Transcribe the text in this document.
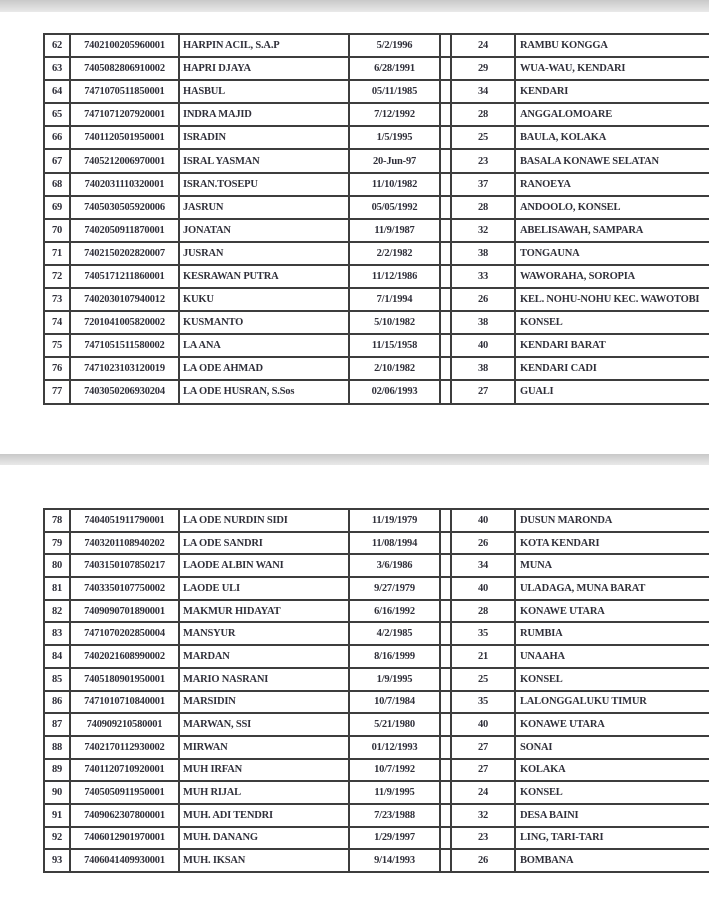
62	7402100205960001	HARPIN ACIL, S.A.P	5/2/1996		24	RAMBU KONGGA
63	7405082806910002	HAPRI DJAYA	6/28/1991		29	WUA-WAU, KENDARI
64	7471070511850001	HASBUL	05/11/1985		34	KENDARI
65	7471071207920001	INDRA MAJID	7/12/1992		28	ANGGALOMOARE
66	7401120501950001	ISRADIN	1/5/1995		25	BAULA, KOLAKA
67	7405212006970001	ISRAL YASMAN	20-Jun-97		23	BASALA KONAWE SELATAN
68	7402031110320001	ISRAN.TOSEPU	11/10/1982		37	RANOEYA
69	7405030505920006	JASRUN	05/05/1992		28	ANDOOLO, KONSEL
70	7402050911870001	JONATAN	11/9/1987		32	ABELISAWAH, SAMPARA
71	7402150202820007	JUSRAN	2/2/1982		38	TONGAUNA
72	7405171211860001	KESRAWAN PUTRA	11/12/1986		33	WAWORAHA, SOROPIA
73	7402030107940012	KUKU	7/1/1994		26	KEL. NOHU-NOHU KEC. WAWOTOBI
74	7201041005820002	KUSMANTO	5/10/1982		38	KONSEL
75	7471051511580002	LA ANA	11/15/1958		40	KENDARI BARAT
76	7471023103120019	LA ODE AHMAD	2/10/1982		38	KENDARI CADI
77	7403050206930204	LA ODE HUSRAN, S.Sos	02/06/1993		27	GUALI
78	7404051911790001	LA ODE NURDIN SIDI	11/19/1979		40	DUSUN MARONDA
79	7403201108940202	LA ODE SANDRI	11/08/1994		26	KOTA KENDARI
80	7403150107850217	LAODE ALBIN WANI	3/6/1986		34	MUNA
81	7403350107750002	LAODE ULI	9/27/1979		40	ULADAGA, MUNA BARAT
82	7409090701890001	MAKMUR HIDAYAT	6/16/1992		28	KONAWE UTARA
83	7471070202850004	MANSYUR	4/2/1985		35	RUMBIA
84	7402021608990002	MARDAN	8/16/1999		21	UNAAHA
85	7405180901950001	MARIO NASRANI	1/9/1995		25	KONSEL
86	7471010710840001	MARSIDIN	10/7/1984		35	LALONGGALUKU TIMUR
87	740909210580001	MARWAN, SSI	5/21/1980		40	KONAWE UTARA
88	7402170112930002	MIRWAN	01/12/1993		27	SONAI
89	7401120710920001	MUH IRFAN	10/7/1992		27	KOLAKA
90	7405050911950001	MUH RIJAL	11/9/1995		24	KONSEL
91	7409062307800001	MUH. ADI TENDRI	7/23/1988		32	DESA BAINI
92	7406012901970001	MUH. DANANG	1/29/1997		23	LING, TARI-TARI
93	7406041409930001	MUH. IKSAN	9/14/1993		26	BOMBANA
